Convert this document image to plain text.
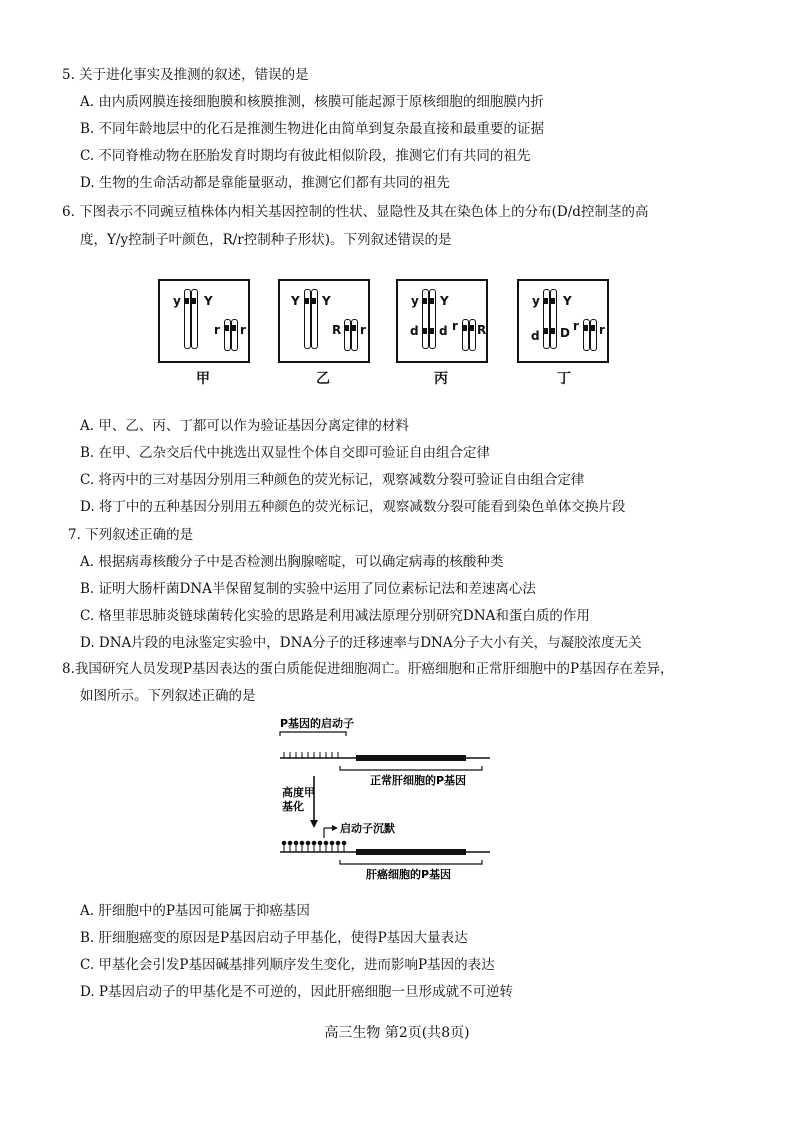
5. 关于进化事实及推测的叙述，错误的是
A. 由内质网膜连接细胞膜和核膜推测，核膜可能起源于原核细胞的细胞膜内折
B. 不同年龄地层中的化石是推测生物进化由简单到复杂最直接和最重要的证据
C. 不同脊椎动物在胚胎发育时期均有彼此相似阶段，推测它们有共同的祖先
D. 生物的生命活动都是靠能量驱动，推测它们都有共同的祖先
6. 下图表示不同豌豆植株体内相关基因控制的性状、显隐性及其在染色体上的分布(D/d控制茎的高
度，Y/y控制子叶颜色，R/r控制种子形状)。下列叙述错误的是
y Y
r r
甲
Y Y
R r
乙
y Y
d d r R
丙
y Y
d D r r
丁
A. 甲、乙、丙、丁都可以作为验证基因分离定律的材料
B. 在甲、乙杂交后代中挑选出双显性个体自交即可验证自由组合定律
C. 将丙中的三对基因分别用三种颜色的荧光标记，观察减数分裂可验证自由组合定律
D. 将丁中的五种基因分别用五种颜色的荧光标记，观察减数分裂可能看到染色单体交换片段
7. 下列叙述正确的是
A. 根据病毒核酸分子中是否检测出胸腺嘧啶，可以确定病毒的核酸种类
B. 证明大肠杆菌DNA半保留复制的实验中运用了同位素标记法和差速离心法
C. 格里菲思肺炎链球菌转化实验的思路是利用减法原理分别研究DNA和蛋白质的作用
D. DNA片段的电泳鉴定实验中，DNA分子的迁移速率与DNA分子大小有关，与凝胶浓度无关
8.我国研究人员发现P基因表达的蛋白质能促进细胞凋亡。肝癌细胞和正常肝细胞中的P基因存在差异，
如图所示。下列叙述正确的是
P基因的启动子
正常肝细胞的P基因
高度甲
基化
启动子沉默
肝癌细胞的P基因
A. 肝细胞中的P基因可能属于抑癌基因
B. 肝细胞癌变的原因是P基因启动子甲基化，使得P基因大量表达
C. 甲基化会引发P基因碱基排列顺序发生变化，进而影响P基因的表达
D. P基因启动子的甲基化是不可逆的，因此肝癌细胞一旦形成就不可逆转
高三生物 第2页(共8页)
